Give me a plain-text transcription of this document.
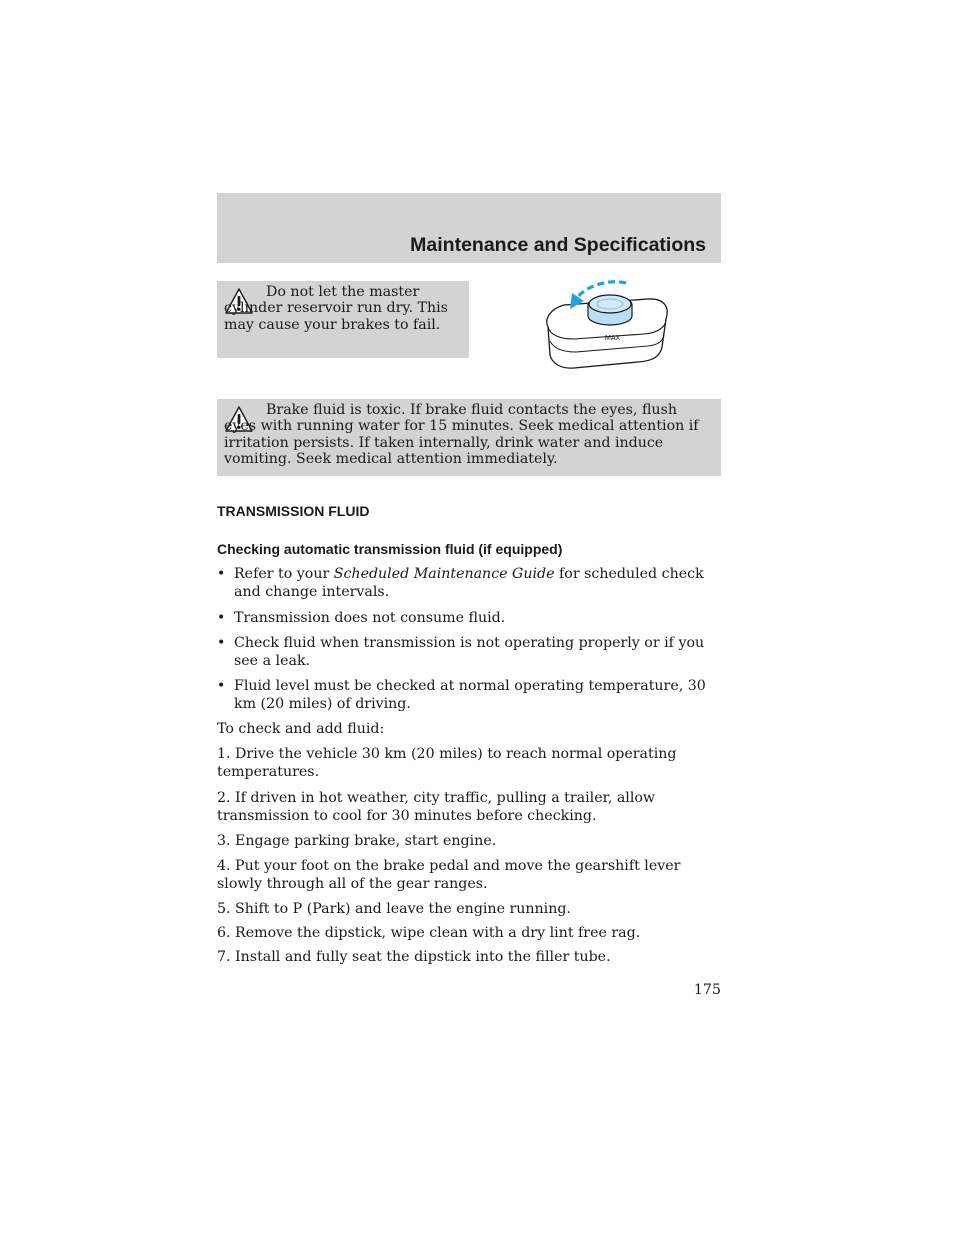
Maintenance and Specifications

Do not let the master cylinder reservoir run dry. This may cause your brakes to fail.

MAX

Brake fluid is toxic. If brake fluid contacts the eyes, flush eyes with running water for 15 minutes. Seek medical attention if irritation persists. If taken internally, drink water and induce vomiting. Seek medical attention immediately.

TRANSMISSION FLUID
Checking automatic transmission fluid (if equipped)
• Refer to your Scheduled Maintenance Guide for scheduled check and change intervals.
• Transmission does not consume fluid.
• Check fluid when transmission is not operating properly or if you see a leak.
• Fluid level must be checked at normal operating temperature, 30 km (20 miles) of driving.

To check and add fluid:

1. Drive the vehicle 30 km (20 miles) to reach normal operating temperatures.

2. If driven in hot weather, city traffic, pulling a trailer, allow transmission to cool for 30 minutes before checking.

3. Engage parking brake, start engine.

4. Put your foot on the brake pedal and move the gearshift lever slowly through all of the gear ranges.

5. Shift to P (Park) and leave the engine running.

6. Remove the dipstick, wipe clean with a dry lint free rag.

7. Install and fully seat the dipstick into the filler tube.

175
